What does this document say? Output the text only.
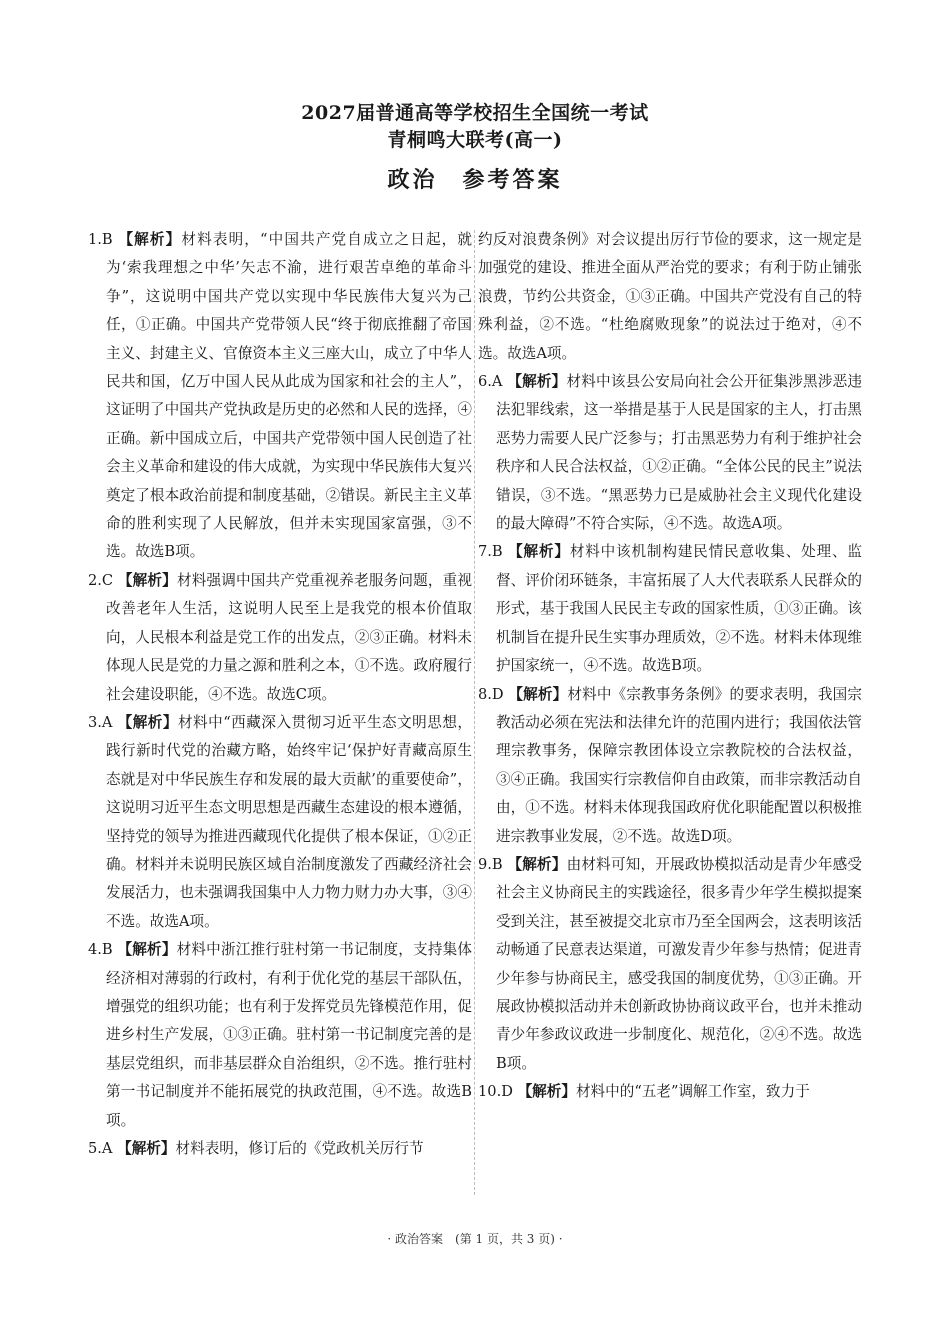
2027届普通高等学校招生全国统一考试
青桐鸣大联考(高一)
政治　参考答案

1.B 【解析】材料表明，“中国共产党自成立之日起，就为‘索我理想之中华’矢志不渝，进行艰苦卓绝的革命斗争”，这说明中国共产党以实现中华民族伟大复兴为己任，①正确。中国共产党带领人民“终于彻底推翻了帝国主义、封建主义、官僚资本主义三座大山，成立了中华人民共和国，亿万中国人民从此成为国家和社会的主人”，这证明了中国共产党执政是历史的必然和人民的选择，④正确。新中国成立后，中国共产党带领中国人民创造了社会主义革命和建设的伟大成就，为实现中华民族伟大复兴奠定了根本政治前提和制度基础，②错误。新民主主义革命的胜利实现了人民解放，但并未实现国家富强，③不选。故选B项。

2.C 【解析】材料强调中国共产党重视养老服务问题，重视改善老年人生活，这说明人民至上是我党的根本价值取向，人民根本利益是党工作的出发点，②③正确。材料未体现人民是党的力量之源和胜利之本，①不选。政府履行社会建设职能，④不选。故选C项。

3.A 【解析】材料中“西藏深入贯彻习近平生态文明思想，践行新时代党的治藏方略，始终牢记‘保护好青藏高原生态就是对中华民族生存和发展的最大贡献’的重要使命”，这说明习近平生态文明思想是西藏生态建设的根本遵循，坚持党的领导为推进西藏现代化提供了根本保证，①②正确。材料并未说明民族区域自治制度激发了西藏经济社会发展活力，也未强调我国集中人力物力财力办大事，③④不选。故选A项。

4.B 【解析】材料中浙江推行驻村第一书记制度，支持集体经济相对薄弱的行政村，有利于优化党的基层干部队伍，增强党的组织功能；也有利于发挥党员先锋模范作用，促进乡村生产发展，①③正确。驻村第一书记制度完善的是基层党组织，而非基层群众自治组织，②不选。推行驻村第一书记制度并不能拓展党的执政范围，④不选。故选B项。

5.A 【解析】材料表明，修订后的《党政机关厉行节

约反对浪费条例》对会议提出厉行节俭的要求，这一规定是加强党的建设、推进全面从严治党的要求；有利于防止铺张浪费，节约公共资金，①③正确。中国共产党没有自己的特殊利益，②不选。“杜绝腐败现象”的说法过于绝对，④不选。故选A项。

6.A 【解析】材料中该县公安局向社会公开征集涉黑涉恶违法犯罪线索，这一举措是基于人民是国家的主人，打击黑恶势力需要人民广泛参与；打击黑恶势力有利于维护社会秩序和人民合法权益，①②正确。“全体公民的民主”说法错误，③不选。“黑恶势力已是威胁社会主义现代化建设的最大障碍”不符合实际，④不选。故选A项。

7.B 【解析】材料中该机制构建民情民意收集、处理、监督、评价闭环链条，丰富拓展了人大代表联系人民群众的形式，基于我国人民民主专政的国家性质，①③正确。该机制旨在提升民生实事办理质效，②不选。材料未体现维护国家统一，④不选。故选B项。

8.D 【解析】材料中《宗教事务条例》的要求表明，我国宗教活动必须在宪法和法律允许的范围内进行；我国依法管理宗教事务，保障宗教团体设立宗教院校的合法权益，③④正确。我国实行宗教信仰自由政策，而非宗教活动自由，①不选。材料未体现我国政府优化职能配置以积极推进宗教事业发展，②不选。故选D项。

9.B 【解析】由材料可知，开展政协模拟活动是青少年感受社会主义协商民主的实践途径，很多青少年学生模拟提案受到关注，甚至被提交北京市乃至全国两会，这表明该活动畅通了民意表达渠道，可激发青少年参与热情；促进青少年参与协商民主，感受我国的制度优势，①③正确。开展政协模拟活动并未创新政协协商议政平台，也并未推动青少年参政议政进一步制度化、规范化，②④不选。故选B项。

10.D 【解析】材料中的“五老”调解工作室，致力于

· 政治答案　(第 1 页，共 3 页) ·
